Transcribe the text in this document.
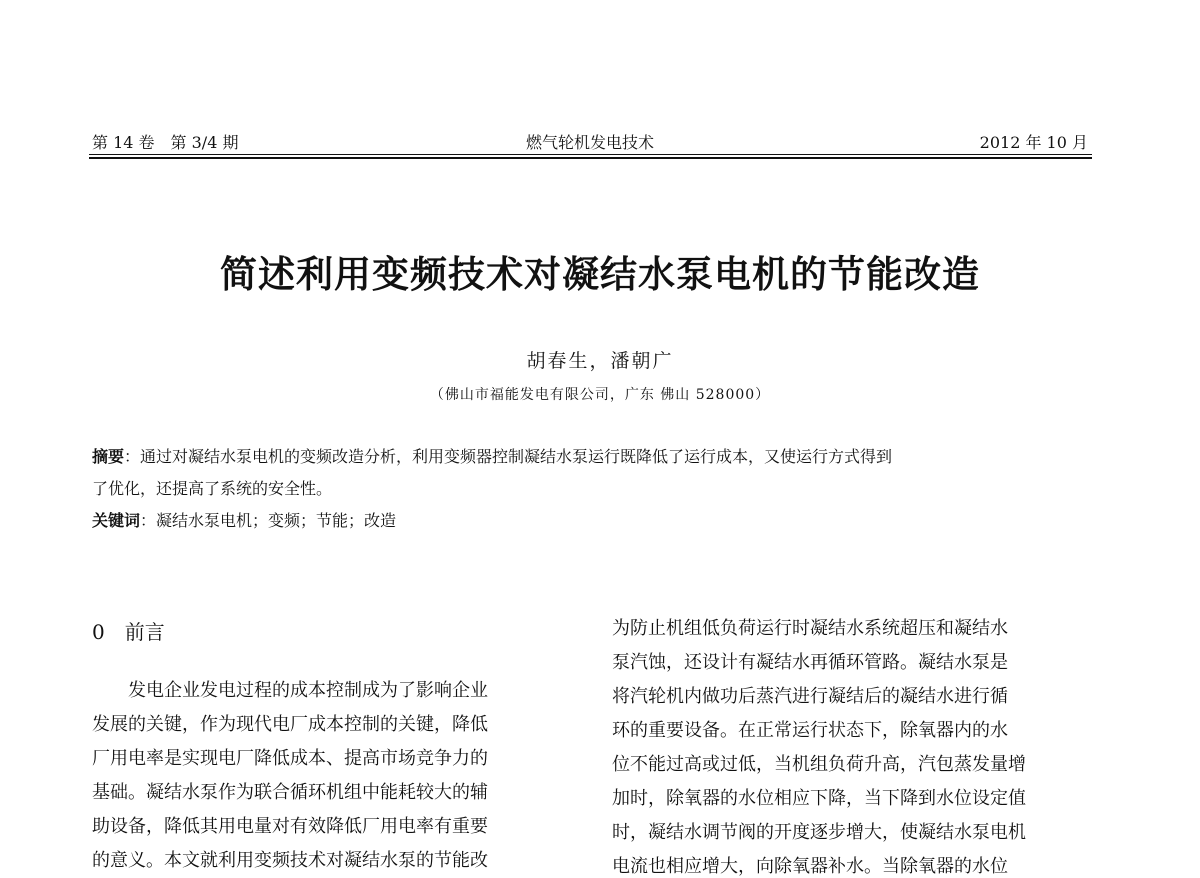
第 14 卷　第 3/4 期	燃气轮机发电技术	2012 年 10 月
简述利用变频技术对凝结水泵电机的节能改造
胡春生，潘朝广
（佛山市福能发电有限公司，广东 佛山 528000）

摘要：通过对凝结水泵电机的变频改造分析，利用变频器控制凝结水泵运行既降低了运行成本，又使运行方式得到

了优化，还提高了系统的安全性。

关键词：凝结水泵电机；变频；节能；改造

0 前言
　　发电企业发电过程的成本控制成为了影响企业
发展的关键，作为现代电厂成本控制的关键，降低
厂用电率是实现电厂降低成本、提高市场竞争力的
基础。凝结水泵作为联合循环机组中能耗较大的辅
助设备，降低其用电量对有效降低厂用电率有重要
的意义。本文就利用变频技术对凝结水泵的节能改
为防止机组低负荷运行时凝结水系统超压和凝结水
泵汽蚀，还设计有凝结水再循环管路。凝结水泵是
将汽轮机内做功后蒸汽进行凝结后的凝结水进行循
环的重要设备。在正常运行状态下，除氧器内的水
位不能过高或过低，当机组负荷升高，汽包蒸发量增
加时，除氧器的水位相应下降，当下降到水位设定值
时，凝结水调节阀的开度逐步增大，使凝结水泵电机
电流也相应增大，向除氧器补水。当除氧器的水位
